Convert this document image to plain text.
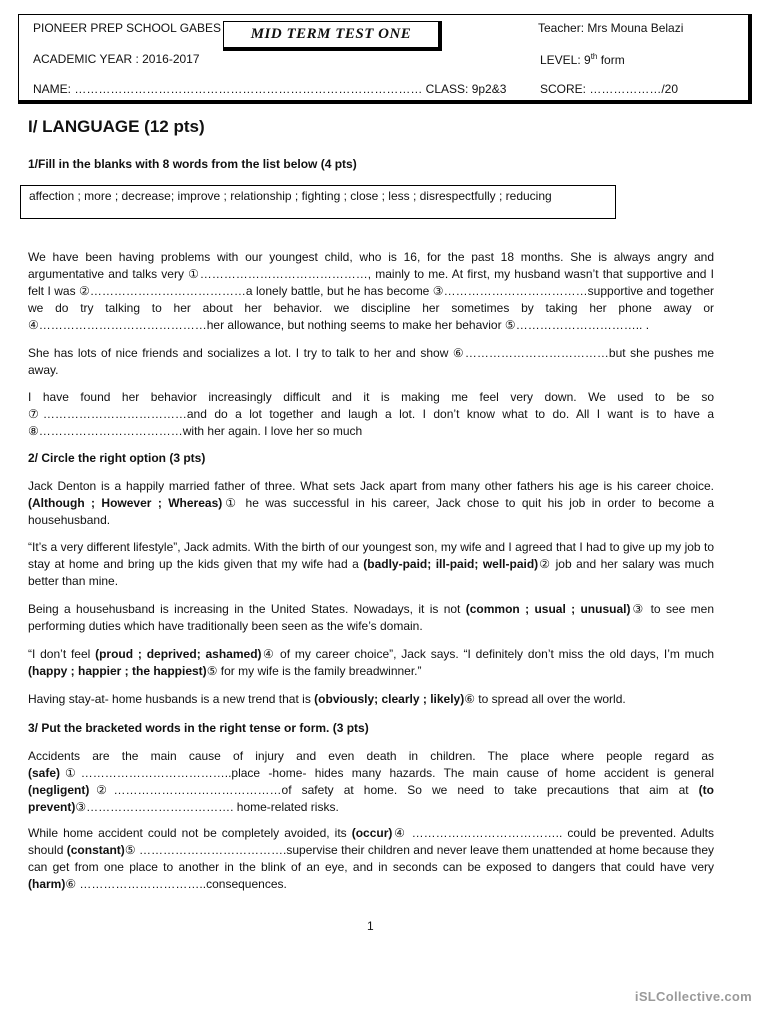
PIONEER PREP SCHOOL GABES	Teacher: Mrs Mouna Belazi
ACADEMIC YEAR : 2016-2017
MID TERM TEST ONE
LEVEL: 9th form
NAME: …………………………………………………………………………… CLASS: 9p2&3	SCORE: ………………/20
I/ LANGUAGE (12 pts)
1/Fill in the blanks with 8 words from the list below (4 pts)
affection ; more ; decrease; improve ; relationship ; fighting ; close ; less ; disrespectfully ; reducing

We have been having problems with our youngest child, who is 16, for the past 18 months. She is always angry and argumentative and talks very ①……………………………………, mainly to me. At first, my husband wasn’t that supportive and I felt I was ②…………………………………a lonely battle, but he has become ③………………………………supportive and together we do try talking to her about her behavior. we discipline her sometimes by taking her phone away or ④……………………………………her allowance, but nothing seems to make her behavior ⑤………………………….. .

She has lots of nice friends and socializes a lot. I try to talk to her and show ⑥………………………………but she pushes me away.

I have found her behavior increasingly difficult and it is making me feel very down. We used to be so ⑦………………………………and do a lot together and laugh a lot. I don’t know what to do. All I want is to have a ⑧………………………………with her again. I love her so much

2/ Circle the right option (3 pts)

Jack Denton is a happily married father of three. What sets Jack apart from many other fathers his age is his career choice. (Although ; However ; Whereas)① he was successful in his career, Jack chose to quit his job in order to become a househusband.

“It’s a very different lifestyle”, Jack admits. With the birth of our youngest son, my wife and I agreed that I had to give up my job to stay at home and bring up the kids given that my wife had a (badly-paid; ill-paid; well-paid)② job and her salary was much better than mine.

Being a househusband is increasing in the United States. Nowadays, it is not (common ; usual ; unusual)③ to see men performing duties which have traditionally been seen as the wife’s domain.

“I don’t feel (proud ; deprived; ashamed)④ of my career choice”, Jack says. “I definitely don’t miss the old days, I’m much (happy ; happier ; the happiest)⑤ for my wife is the family breadwinner.”

Having stay-at- home husbands is a new trend that is (obviously; clearly ; likely)⑥ to spread all over the world.

3/ Put the bracketed words in the right tense or form. (3 pts)

Accidents are the main cause of injury and even death in children. The place where people regard as (safe)①………………………………..place -home- hides many hazards. The main cause of home accident is general (negligent)②……………………………………of safety at home. So we need to take precautions that aim at (to prevent)③………………………………. home-related risks.

While home accident could not be completely avoided, its (occur)④ ……………………………….. could be prevented. Adults should (constant)⑤ ……………………………….supervise their children and never leave them unattended at home because they can get from one place to another in the blink of an eye, and in seconds can be exposed to dangers that could have very (harm)⑥ …………………………..consequences.

1
iSLCollective.com
